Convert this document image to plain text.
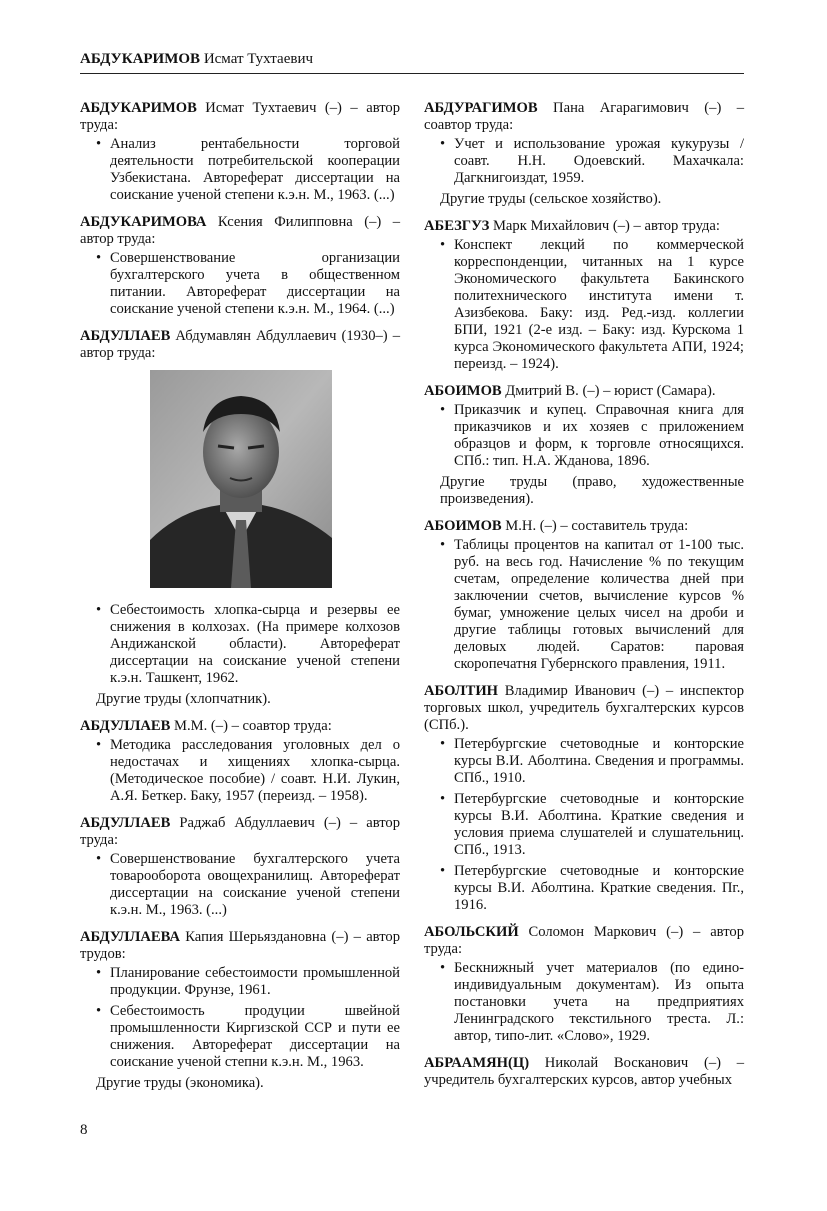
АБДУКАРИМОВ Исмат Тухтаевич

АБДУКАРИМОВ Исмат Тухтаевич (–) – автор труда:

• Анализ рентабельности торговой деятельности потребительской кооперации Узбекистана. Автореферат диссертации на соискание ученой степени к.э.н. М., 1963. (...)

АБДУКАРИМОВА Ксения Филипповна (–) – автор труда:

• Совершенствование организации бухгалтерского учета в общественном питании. Автореферат диссертации на соискание ученой степени к.э.н. М., 1964. (...)

АБДУЛЛАЕВ Абдумавлян Абдуллаевич (1930–) – автор труда:

• Себестоимость хлопка-сырца и резервы ее снижения в колхозах. (На примере колхозов Андижанской области). Автореферат диссертации на соискание ученой степени к.э.н. Ташкент, 1962.

Другие труды (хлопчатник).

АБДУЛЛАЕВ М.М. (–) – соавтор труда:

• Методика расследования уголовных дел о недостачах и хищениях хлопка-сырца. (Методическое пособие) / соавт. Н.И. Лукин, А.Я. Беткер. Баку, 1957 (переизд. – 1958).

АБДУЛЛАЕВ Раджаб Абдуллаевич (–) – автор труда:

• Совершенствование бухгалтерского учета товарооборота овощехранилищ. Автореферат диссертации на соискание ученой степени к.э.н. М., 1963. (...)

АБДУЛЛАЕВА Капия Шерьяздановна (–) – автор трудов:

• Планирование себестоимости промышленной продукции. Фрунзе, 1961.
• Себестоимость продуции швейной промышленности Киргизской ССР и пути ее снижения. Автореферат диссертации на соискание ученой степни к.э.н. М., 1963.

Другие труды (экономика).

АБДУРАГИМОВ Пана Агарагимович (–) – соавтор труда:

• Учет и использование урожая кукурузы / соавт. Н.Н. Одоевский. Махачкала: Дагкнигоиздат, 1959.

Другие труды (сельское хозяйство).

АБЕЗГУЗ Марк Михайлович (–) – автор труда:

• Конспект лекций по коммерческой корреспонденции, читанных на 1 курсе Экономического факультета Бакинского политехнического института имени т. Азизбекова. Баку: изд. Ред.-изд. коллегии БПИ, 1921 (2-е изд. – Баку: изд. Курскома 1 курса Экономического факультета АПИ, 1924; переизд. – 1924).

АБОИМОВ Дмитрий В. (–) – юрист (Самара).

• Приказчик и купец. Справочная книга для приказчиков и их хозяев с приложением образцов и форм, к торговле относящихся. СПб.: тип. Н.А. Жданова, 1896.

Другие труды (право, художественные произведения).

АБОИМОВ М.Н. (–) – составитель труда:

• Таблицы процентов на капитал от 1-100 тыс. руб. на весь год. Начисление % по текущим счетам, определение количества дней при заключении счетов, вычисление курсов % бумаг, умножение целых чисел на дроби и другие таблицы готовых вычислений для деловых людей. Саратов: паровая скоропечатня Губернского правления, 1911.

АБОЛТИН Владимир Иванович (–) – инспектор торговых школ, учредитель бухгалтерских курсов (СПб.).

• Петербургские счетоводные и конторские курсы В.И. Аболтина. Сведения и программы. СПб., 1910.
• Петербургские счетоводные и конторские курсы В.И. Аболтина. Краткие сведения и условия приема слушателей и слушательниц. СПб., 1913.
• Петербургские счетоводные и конторские курсы В.И. Аболтина. Краткие сведения. Пг., 1916.

АБОЛЬСКИЙ Соломон Маркович (–) – автор труда:

• Бескнижный учет материалов (по едино-индивидуальным документам). Из опыта постановки учета на предприятиях Ленинградского текстильного треста. Л.: автор, типо-лит. «Слово», 1929.

АБРААМЯН(Ц) Николай Восканович (–) – учредитель бухгалтерских курсов, автор учебных

8
